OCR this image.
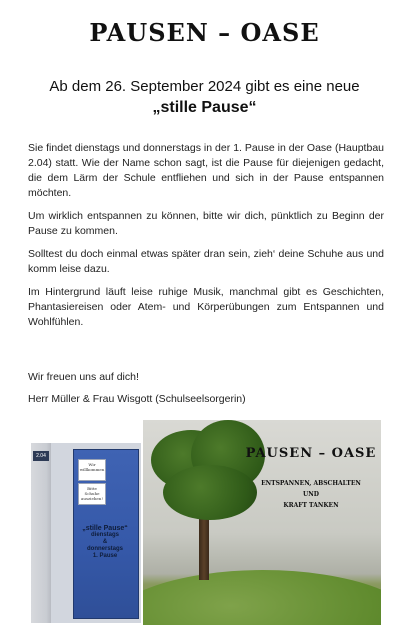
PAUSEN – OASE
Ab dem 26. September 2024 gibt es eine neue
„stille Pause“

Sie findet dienstags und donnerstags in der 1. Pause in der Oase (Hauptbau 2.04) statt. Wie der Name schon sagt, ist die Pause für diejenigen gedacht, die dem Lärm der Schule entfliehen und sich in der Pause entspannen möchten.

Um wirklich entspannen zu können, bitte wir dich, pünktlich zu Beginn der Pause zu kommen.

Solltest du doch einmal etwas später dran sein, zieh‘ deine Schuhe aus und komm leise dazu.

Im Hintergrund läuft leise ruhige Musik, manchmal gibt es Geschichten, Phantasiereisen oder Atem- und Körperübungen zum Entspannen und Wohlfühlen.

Wir freuen uns auf dich!

Herr Müller & Frau Wisgott (Schulseelsorgerin)

2.04
Wir willkommen
Bitte Schuhe ausziehen!
„stille Pause“
dienstags
&
donnerstags
1. Pause
PAUSEN – OASE
ENTSPANNEN, ABSCHALTEN
UND
KRAFT TANKEN
